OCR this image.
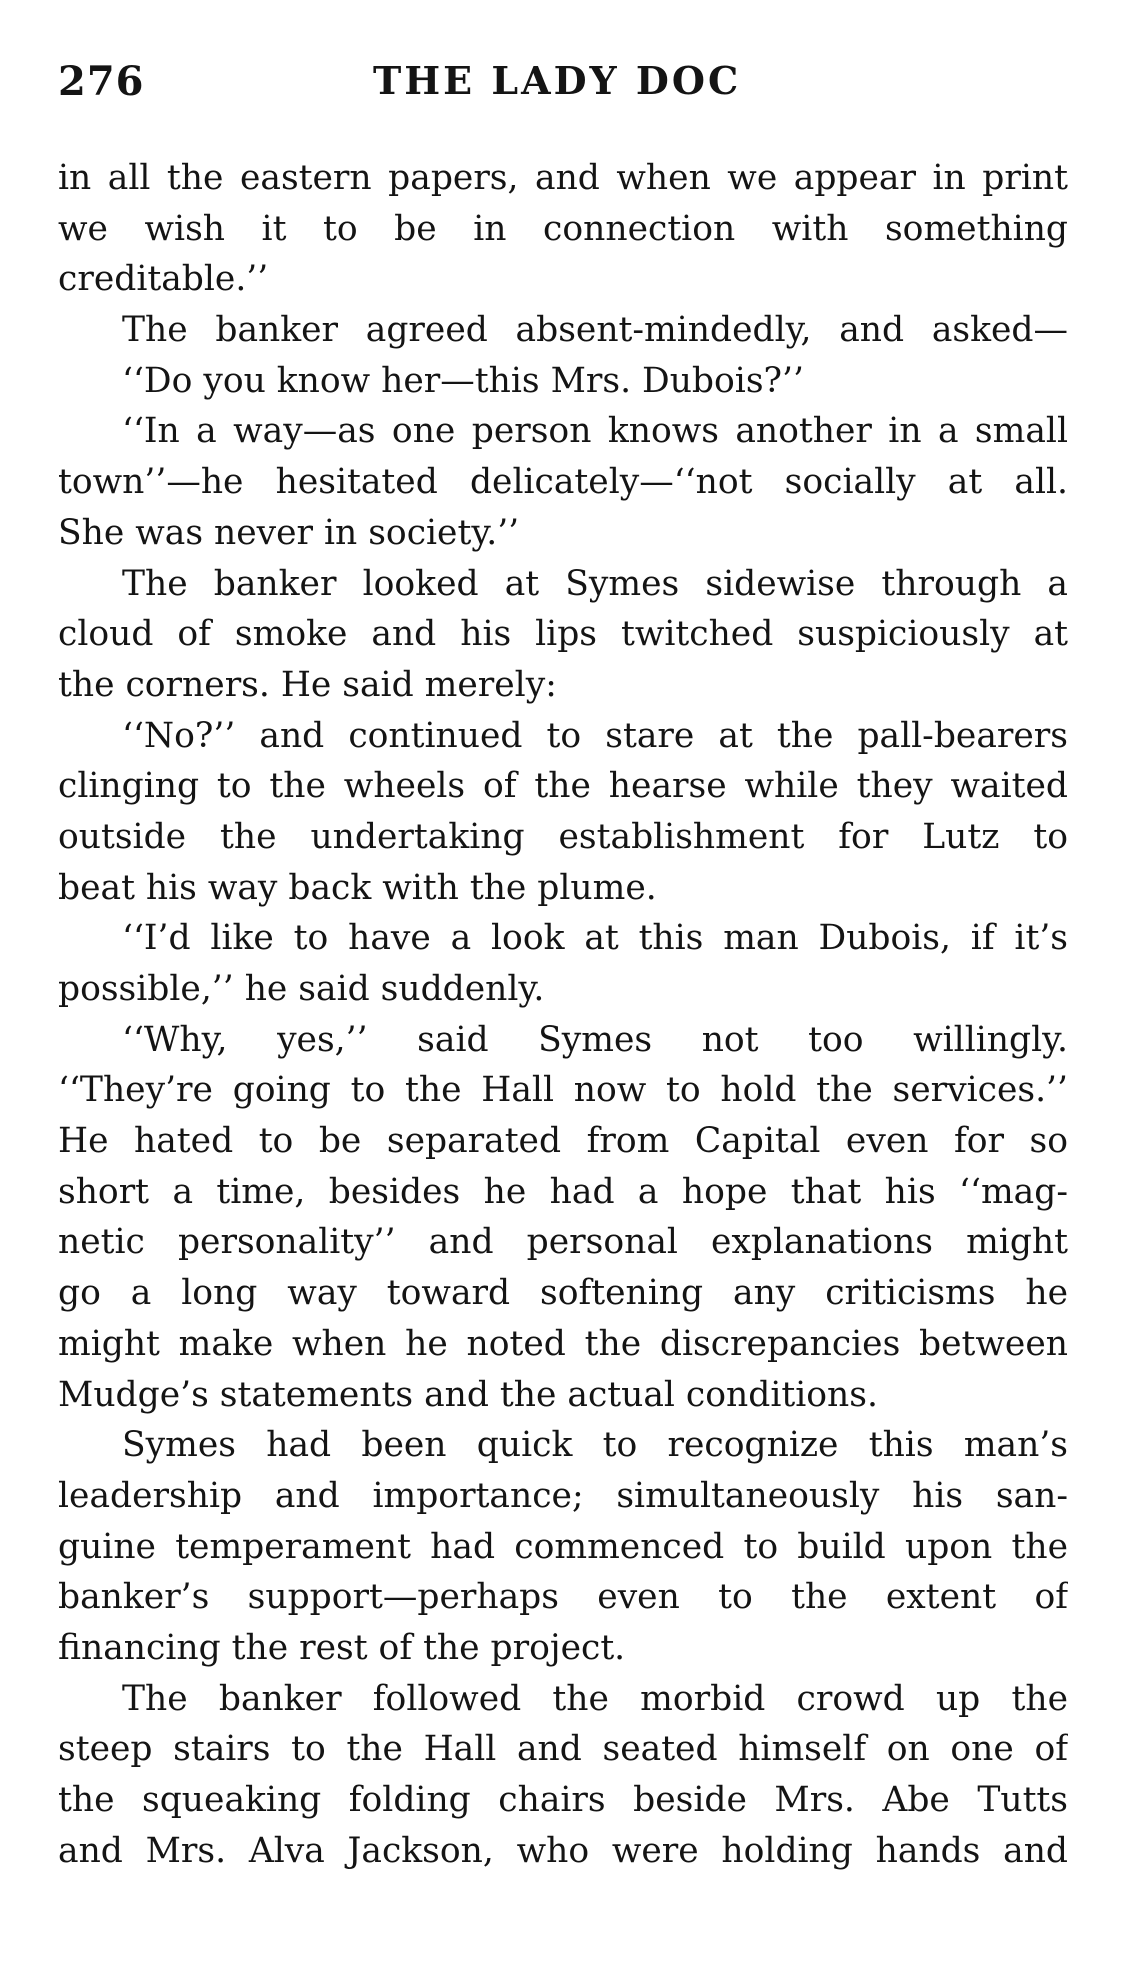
276	THE LADY DOC
in all the eastern papers, and when we appear in print
we wish it to be in connection with something
creditable.’’
The banker agreed absent-mindedly, and asked—
‘‘Do you know her—this Mrs. Dubois?’’
‘‘In a way—as one person knows another in a small
town’’—he hesitated delicately—‘‘not socially at all.
She was never in society.’’
The banker looked at Symes sidewise through a
cloud of smoke and his lips twitched suspiciously at
the corners. He said merely:
‘‘No?’’ and continued to stare at the pall-bearers
clinging to the wheels of the hearse while they waited
outside the undertaking establishment for Lutz to
beat his way back with the plume.
‘‘I’d like to have a look at this man Dubois, if it’s
possible,’’ he said suddenly.
‘‘Why, yes,’’ said Symes not too willingly.
‘‘They’re going to the Hall now to hold the services.’’
He hated to be separated from Capital even for so
short a time, besides he had a hope that his ‘‘mag-
netic personality’’ and personal explanations might
go a long way toward softening any criticisms he
might make when he noted the discrepancies between
Mudge’s statements and the actual conditions.
Symes had been quick to recognize this man’s
leadership and importance; simultaneously his san-
guine temperament had commenced to build upon the
banker’s support—perhaps even to the extent of
financing the rest of the project.
The banker followed the morbid crowd up the
steep stairs to the Hall and seated himself on one of
the squeaking folding chairs beside Mrs. Abe Tutts
and Mrs. Alva Jackson, who were holding hands and
